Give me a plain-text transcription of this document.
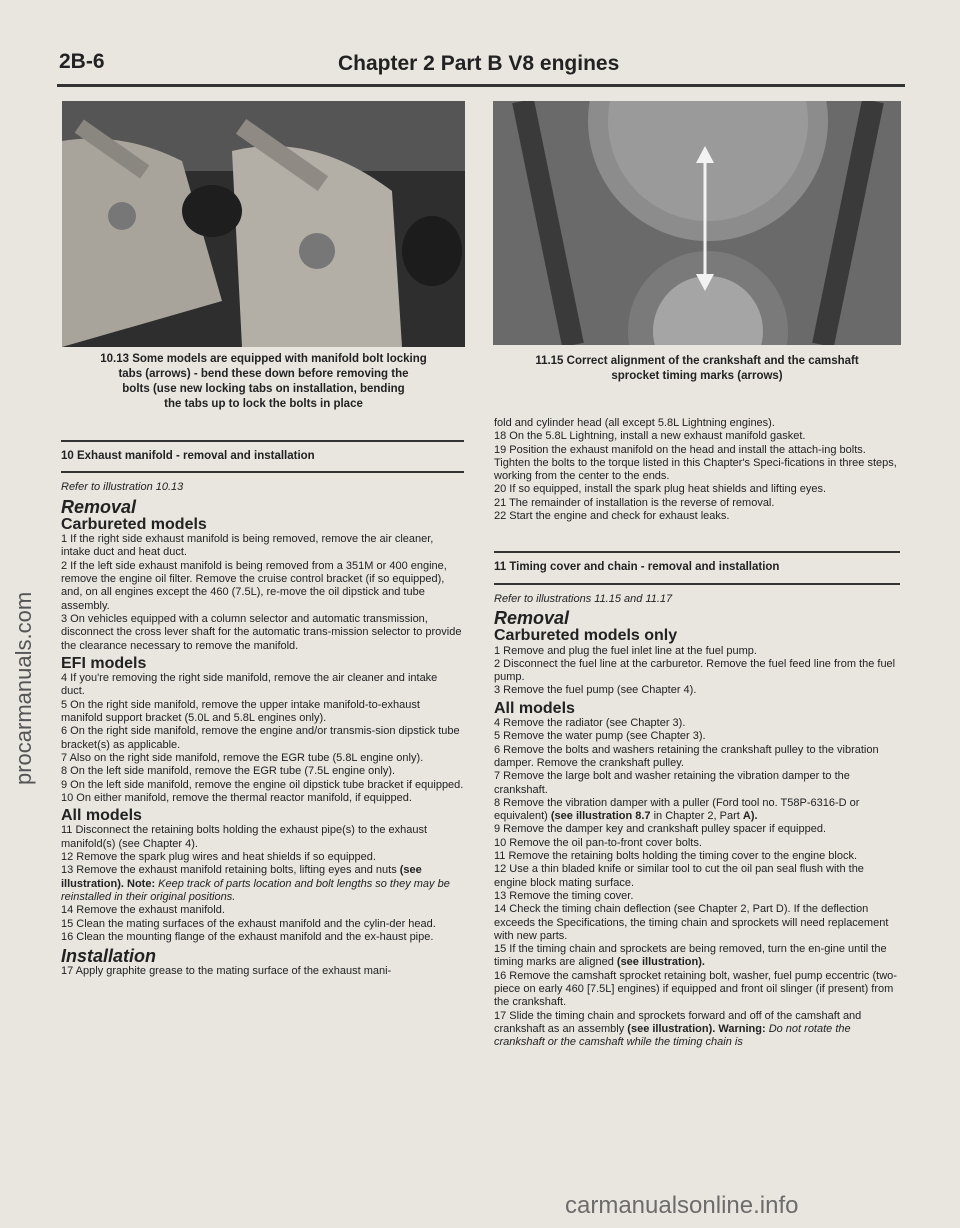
2B-6	Chapter 2 Part B V8 engines
procarmanuals.com
10.13 Some models are equipped with manifold bolt locking
tabs (arrows) - bend these down before removing the
bolts (use new locking tabs on installation, bending
the tabs up to lock the bolts in place
11.15 Correct alignment of the crankshaft and the camshaft
sprocket timing marks (arrows)
10 Exhaust manifold - removal and installation
Refer to illustration 10.13
Removal
Carbureted models

1 If the right side exhaust manifold is being removed, remove the air cleaner, intake duct and heat duct.

2 If the left side exhaust manifold is being removed from a 351M or 400 engine, remove the engine oil filter. Remove the cruise control bracket (if so equipped), and, on all engines except the 460 (7.5L), re-move the oil dipstick and tube assembly.

3 On vehicles equipped with a column selector and automatic transmission, disconnect the cross lever shaft for the automatic trans-mission selector to provide the clearance necessary to remove the manifold.

EFI models

4 If you're removing the right side manifold, remove the air cleaner and intake duct.

5 On the right side manifold, remove the upper intake manifold-to-exhaust manifold support bracket (5.0L and 5.8L engines only).

6 On the right side manifold, remove the engine and/or transmis-sion dipstick tube bracket(s) as applicable.

7 Also on the right side manifold, remove the EGR tube (5.8L engine only).

8 On the left side manifold, remove the EGR tube (7.5L engine only).

9 On the left side manifold, remove the engine oil dipstick tube bracket if equipped.

10 On either manifold, remove the thermal reactor manifold, if equipped.

All models

11 Disconnect the retaining bolts holding the exhaust pipe(s) to the exhaust manifold(s) (see Chapter 4).

12 Remove the spark plug wires and heat shields if so equipped.

13 Remove the exhaust manifold retaining bolts, lifting eyes and nuts (see illustration). Note: Keep track of parts location and bolt lengths so they may be reinstalled in their original positions.

14 Remove the exhaust manifold.

15 Clean the mating surfaces of the exhaust manifold and the cylin-der head.

16 Clean the mounting flange of the exhaust manifold and the ex-haust pipe.

Installation

17 Apply graphite grease to the mating surface of the exhaust mani-

fold and cylinder head (all except 5.8L Lightning engines).

18 On the 5.8L Lightning, install a new exhaust manifold gasket.

19 Position the exhaust manifold on the head and install the attach-ing bolts. Tighten the bolts to the torque listed in this Chapter's Speci-fications in three steps, working from the center to the ends.

20 If so equipped, install the spark plug heat shields and lifting eyes.

21 The remainder of installation is the reverse of removal.

22 Start the engine and check for exhaust leaks.

11 Timing cover and chain - removal and installation
Refer to illustrations 11.15 and 11.17
Removal
Carbureted models only

1 Remove and plug the fuel inlet line at the fuel pump.

2 Disconnect the fuel line at the carburetor. Remove the fuel feed line from the fuel pump.

3 Remove the fuel pump (see Chapter 4).

All models

4 Remove the radiator (see Chapter 3).

5 Remove the water pump (see Chapter 3).

6 Remove the bolts and washers retaining the crankshaft pulley to the vibration damper. Remove the crankshaft pulley.

7 Remove the large bolt and washer retaining the vibration damper to the crankshaft.

8 Remove the vibration damper with a puller (Ford tool no. T58P-6316-D or equivalent) (see illustration 8.7 in Chapter 2, Part A).

9 Remove the damper key and crankshaft pulley spacer if equipped.

10 Remove the oil pan-to-front cover bolts.

11 Remove the retaining bolts holding the timing cover to the engine block.

12 Use a thin bladed knife or similar tool to cut the oil pan seal flush with the engine block mating surface.

13 Remove the timing cover.

14 Check the timing chain deflection (see Chapter 2, Part D). If the deflection exceeds the Specifications, the timing chain and sprockets will need replacement with new parts.

15 If the timing chain and sprockets are being removed, turn the en-gine until the timing marks are aligned (see illustration).

16 Remove the camshaft sprocket retaining bolt, washer, fuel pump eccentric (two-piece on early 460 [7.5L] engines) if equipped and front oil slinger (if present) from the crankshaft.

17 Slide the timing chain and sprockets forward and off of the camshaft and crankshaft as an assembly (see illustration). Warning: Do not rotate the crankshaft or the camshaft while the timing chain is

carmanualsonline.info
